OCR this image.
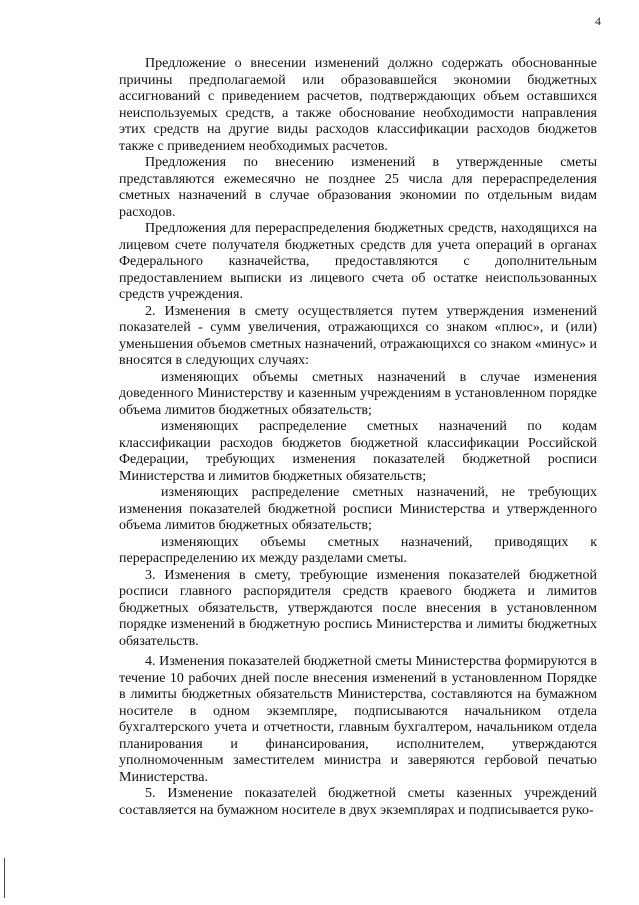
4

Предложение о внесении изменений должно содержать обоснованные причины предполагаемой или образовавшейся экономии бюджетных ассигнований с приведением расчетов, подтверждающих объем оставшихся неиспользуемых средств, а также обоснование необходимости направления этих средств на другие виды расходов классификации расходов бюджетов также с приведением необходимых расчетов.

Предложения по внесению изменений в утвержденные сметы представляются ежемесячно не позднее 25 числа для перераспределения сметных назначений в случае образования экономии по отдельным видам расходов.

Предложения для перераспределения бюджетных средств, находящихся на лицевом счете получателя бюджетных средств для учета операций в органах Федерального казначейства, предоставляются с дополнительным предоставлением выписки из лицевого счета об остатке неиспользованных средств учреждения.

2. Изменения в смету осуществляется путем утверждения изменений показателей - сумм увеличения, отражающихся со знаком «плюс», и (или) уменьшения объемов сметных назначений, отражающихся со знаком «минус» и вносятся в следующих случаях:

изменяющих объемы сметных назначений в случае изменения доведенного Министерству и казенным учреждениям в установленном порядке объема лимитов бюджетных обязательств;

изменяющих распределение сметных назначений по кодам классификации расходов бюджетов бюджетной классификации Российской Федерации, требующих изменения показателей бюджетной росписи Министерства и лимитов бюджетных обязательств;

изменяющих распределение сметных назначений, не требующих изменения показателей бюджетной росписи Министерства и утвержденного объема лимитов бюджетных обязательств;

изменяющих объемы сметных назначений, приводящих к перераспределению их между разделами сметы.

3. Изменения в смету, требующие изменения показателей бюджетной росписи главного распорядителя средств краевого бюджета и лимитов бюджетных обязательств, утверждаются после внесения в установленном порядке изменений в бюджетную роспись Министерства и лимиты бюджетных обязательств.

4. Изменения показателей бюджетной сметы Министерства формируются в течение 10 рабочих дней после внесения изменений в установленном Порядке в лимиты бюджетных обязательств Министерства, составляются на бумажном носителе в одном экземпляре, подписываются начальником отдела бухгалтерского учета и отчетности, главным бухгалтером, начальником отдела планирования и финансирования, исполнителем, утверждаются уполномоченным заместителем министра и заверяются гербовой печатью Министерства.

5. Изменение показателей бюджетной сметы казенных учреждений составляется на бумажном носителе в двух экземплярах и подписывается руко-
